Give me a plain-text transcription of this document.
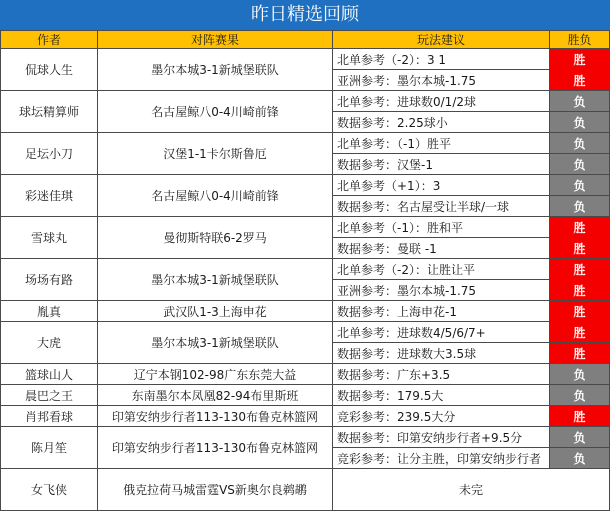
昨日精选回顾
作者	对阵赛果	玩法建议	胜负
侃球人生	墨尔本城3-1新城堡联队	北单参考（-2）：3 1	胜
		亚洲参考：墨尔本城-1.75	胜
球坛精算师	名古屋鲸八0-4川崎前锋	北单参考：进球数0/1/2球	负
		数据参考：2.25球小	负
足坛小刀	汉堡1-1卡尔斯鲁厄	北单参考：（-1）胜平	负
		数据参考：汉堡-1	负
彩迷佳琪	名古屋鲸八0-4川崎前锋	北单参考（+1）：3	负
		数据参考：名古屋受让半球/一球	负
雪球丸	曼彻斯特联6-2罗马	北单参考（-1）：胜和平	胜
		数据参考：曼联 -1	胜
场场有路	墨尔本城3-1新城堡联队	北单参考（-2）：让胜让平	胜
		亚洲参考：墨尔本城-1.75	胜
胤真	武汉队1-3上海申花	数据参考：上海申花-1	胜
大虎	墨尔本城3-1新城堡联队	北单参考：进球数4/5/6/7+	胜
		数据参考：进球数大3.5球	胜
篮球山人	辽宁本钢102-98广东东莞大益	数据参考：广东+3.5	负
晨巴之王	东南墨尔本凤凰82-94布里斯班	数据参考：179.5大	负
肖邦看球	印第安纳步行者113-130布鲁克林篮网	竞彩参考：239.5大分	胜
陈月笙	印第安纳步行者113-130布鲁克林篮网	数据参考：印第安纳步行者+9.5分	负
		竞彩参考：让分主胜，印第安纳步行者	负
女飞侠	俄克拉荷马城雷霆VS新奥尔良鹈鹕	未完	
